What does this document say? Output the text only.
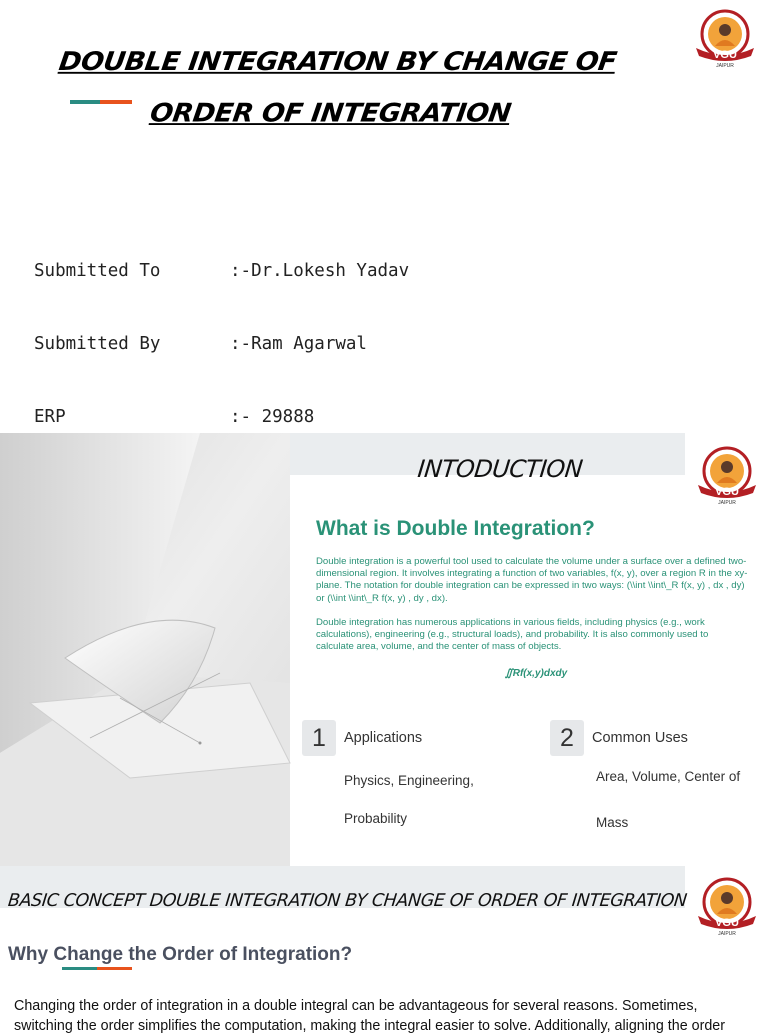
DOUBLE INTEGRATION BY CHANGE OF ORDER OF INTEGRATION
VGU
JAIPUR

Submitted To	:-Dr.Lokesh Yadav

Submitted By	:-Ram Agarwal

ERP	:- 29888

INTODUCTION
VGU
JAIPUR
What is Double Integration?
Double integration is a powerful tool used to calculate the volume under a surface over a defined two-dimensional region. It involves integrating a function of two variables, f(x, y), over a region R in the xy-plane. The notation for double integration can be expressed in two ways: (\\int \\int\_R f(x, y) , dx , dy) or (\\int \\int\_R f(x, y) , dy , dx).
Double integration has numerous applications in various fields, including physics (e.g., work calculations), engineering (e.g., structural loads), and probability. It is also commonly used to calculate area, volume, and the center of mass of objects.
∬Rf(x,y)dxdy
1	Applications
Physics, Engineering,
Probability
2	Common Uses
Area, Volume, Center of
Mass
BASIC CONCEPT DOUBLE INTEGRATION BY CHANGE OF ORDER OF INTEGRATION
VGU
JAIPUR
Why Change the Order of Integration?
Changing the order of integration in a double integral can be advantageous for several reasons. Sometimes, switching the order simplifies the computation, making the integral easier to solve. Additionally, aligning the order
